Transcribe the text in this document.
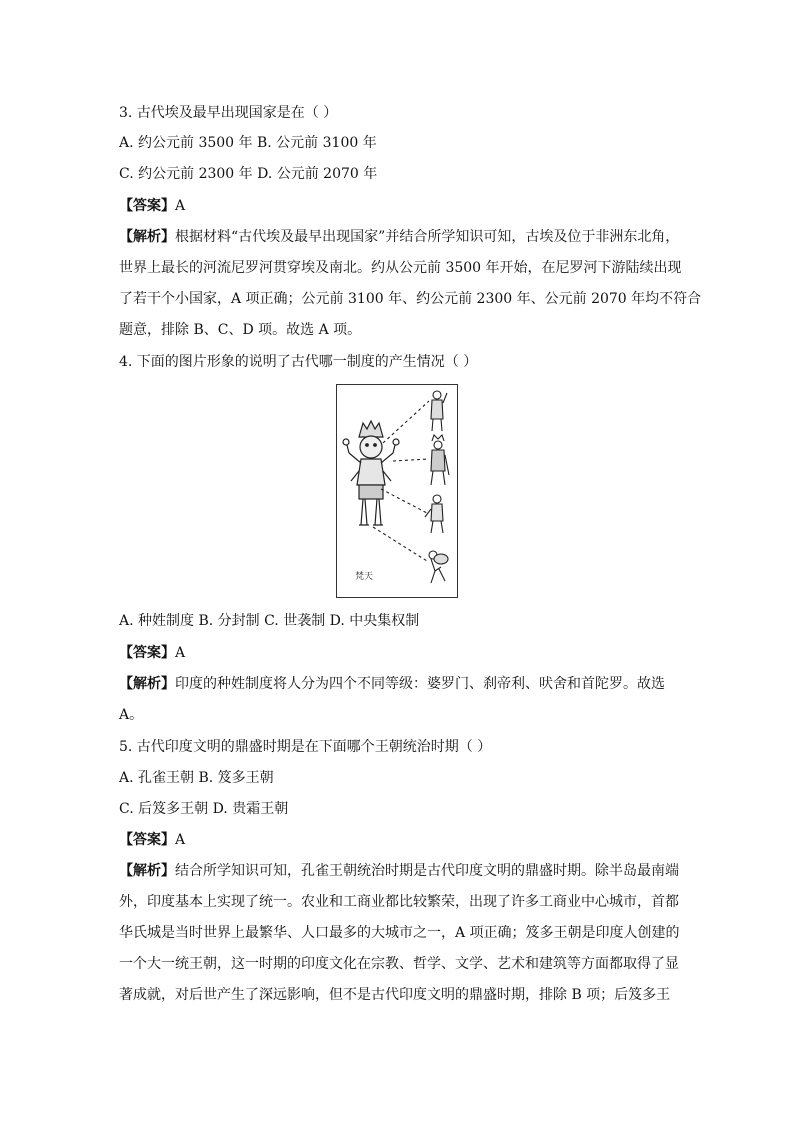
3. 古代埃及最早出现国家是在（ ）
A. 约公元前 3500 年 B. 公元前 3100 年
C. 约公元前 2300 年 D. 公元前 2070 年
【答案】A
【解析】根据材料“古代埃及最早出现国家”并结合所学知识可知，古埃及位于非洲东北角，
世界上最长的河流尼罗河贯穿埃及南北。约从公元前 3500 年开始，在尼罗河下游陆续出现
了若干个小国家，A 项正确；公元前 3100 年、约公元前 2300 年、公元前 2070 年均不符合
题意，排除 B、C、D 项。故选 A 项。
4. 下面的图片形象的说明了古代哪一制度的产生情况（ ）
梵天
A. 种姓制度 B. 分封制 C. 世袭制 D. 中央集权制
【答案】A
【解析】印度的种姓制度将人分为四个不同等级：婆罗门、刹帝利、吠舍和首陀罗。故选
A。
5. 古代印度文明的鼎盛时期是在下面哪个王朝统治时期（ ）
A. 孔雀王朝 B. 笈多王朝
C. 后笈多王朝 D. 贵霜王朝
【答案】A
【解析】结合所学知识可知，孔雀王朝统治时期是古代印度文明的鼎盛时期。除半岛最南端
外，印度基本上实现了统一。农业和工商业都比较繁荣，出现了许多工商业中心城市，首都
华氏城是当时世界上最繁华、人口最多的大城市之一，A 项正确；笈多王朝是印度人创建的
一个大一统王朝，这一时期的印度文化在宗教、哲学、文学、艺术和建筑等方面都取得了显
著成就，对后世产生了深远影响，但不是古代印度文明的鼎盛时期，排除 B 项；后笈多王
